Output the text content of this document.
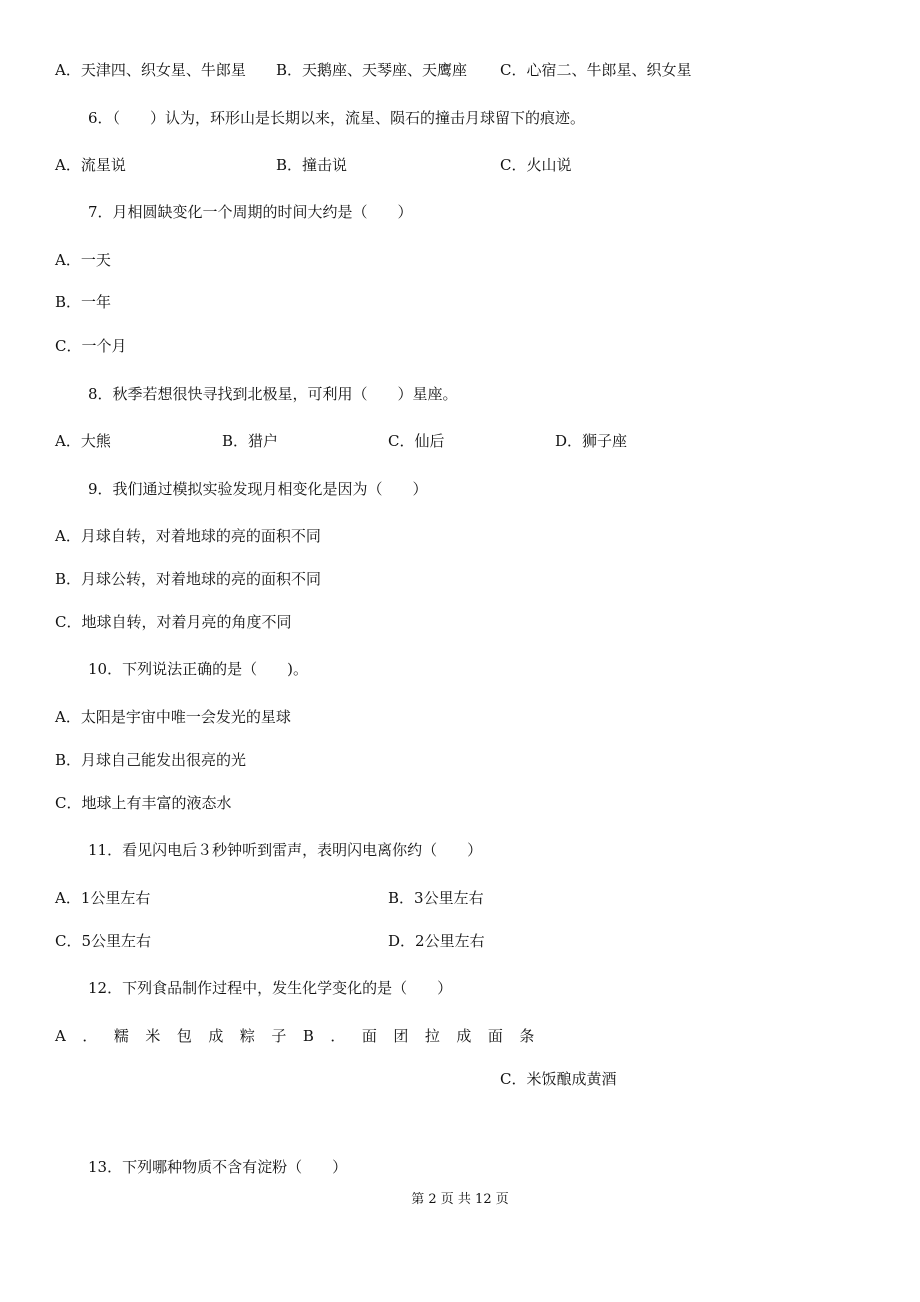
A．天津四、织女星、牛郎星 B．天鹅座、天琴座、天鹰座 C．心宿二、牛郎星、织女星
6．（　　）认为，环形山是长期以来，流星、陨石的撞击月球留下的痕迹。
A．流星说	B．撞击说	C．火山说
7．月相圆缺变化一个周期的时间大约是（　　）
A．一天
B．一年
C．一个月
8．秋季若想很快寻找到北极星，可利用（　　）星座。
A．大熊	B．猎户	C．仙后	D．狮子座
9．我们通过模拟实验发现月相变化是因为（　　）
A．月球自转，对着地球的亮的面积不同
B．月球公转，对着地球的亮的面积不同
C．地球自转，对着月亮的角度不同
10．下列说法正确的是（　　)。
A．太阳是宇宙中唯一会发光的星球
B．月球自己能发出很亮的光
C．地球上有丰富的液态水
11．看见闪电后３秒钟听到雷声，表明闪电离你约（　　）
A．1公里左右	B．3公里左右
C．5公里左右	D．2公里左右
12．下列食品制作过程中，发生化学变化的是（　　）
A．糯米包成粽子B．面团拉成面条
C．米饭酿成黄酒
13．下列哪种物质不含有淀粉（　　）
第 2 页 共 12 页
